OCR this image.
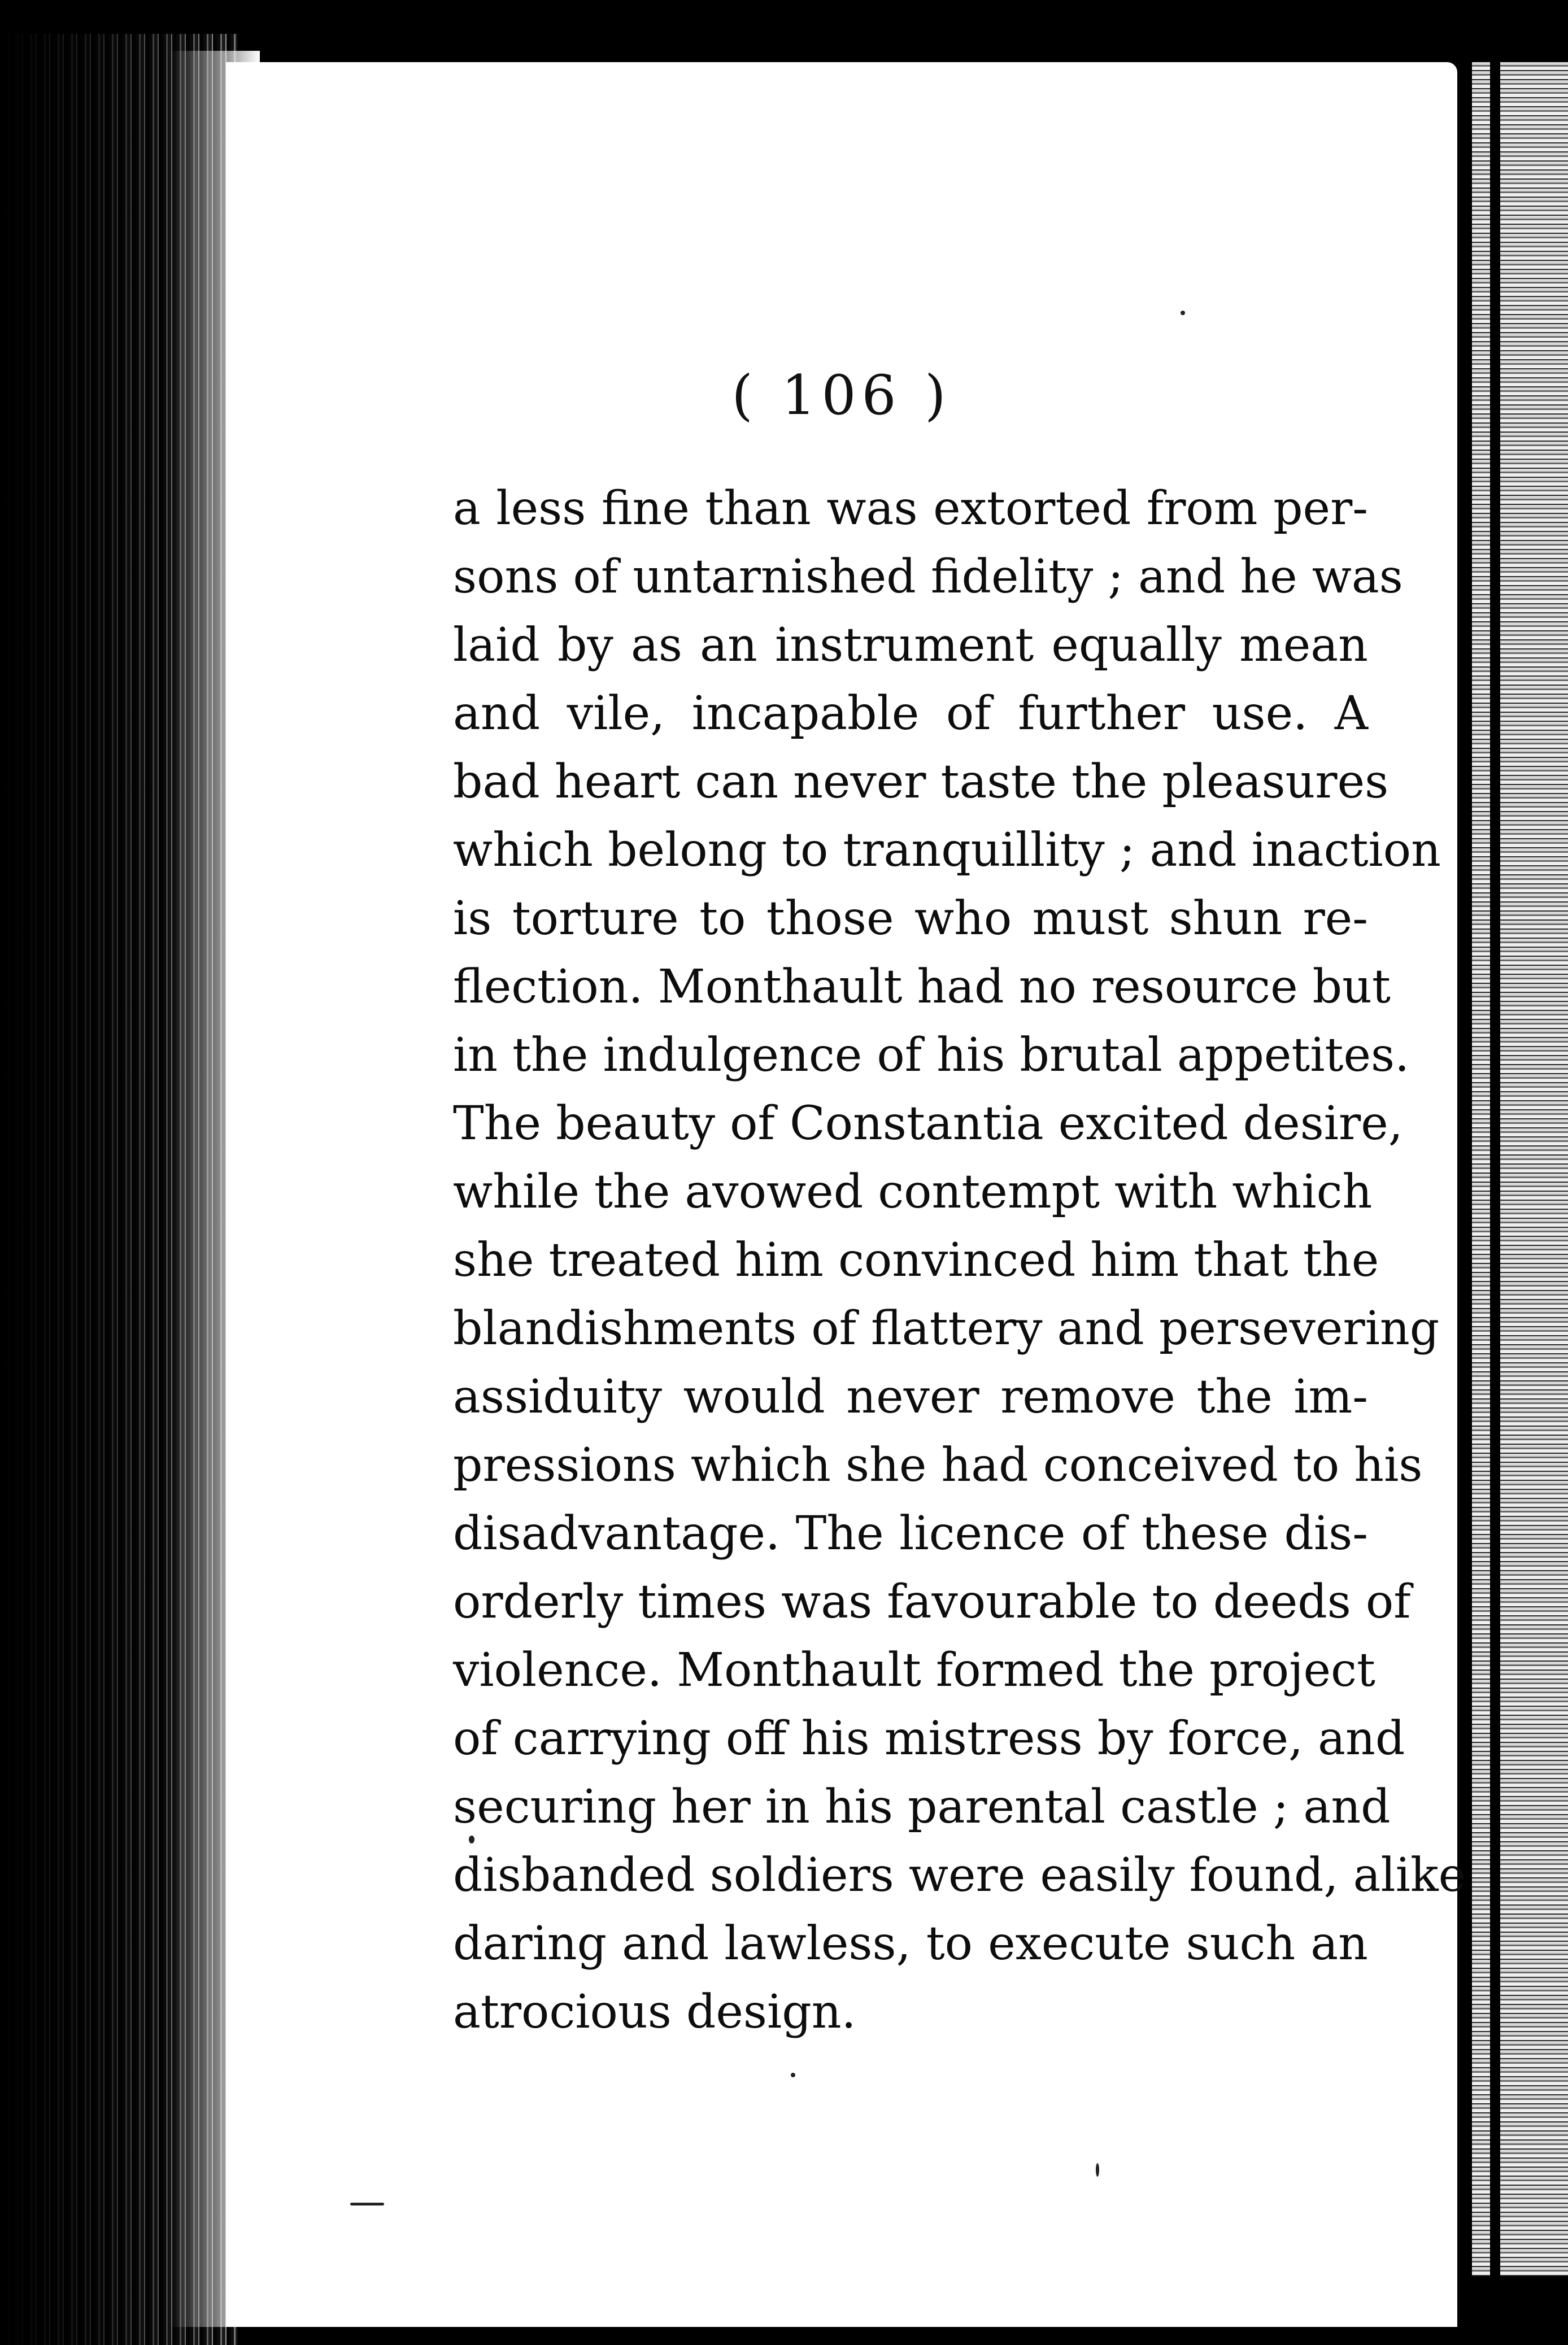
( 106 )
a less fine than was extorted from per-
sons of untarnished fidelity ; and he was
laid by as an instrument equally mean
and vile, incapable of further use. A
bad heart can never taste the pleasures
which belong to tranquillity ; and inaction
is torture to those who must shun re-
flection. Monthault had no resource but
in the indulgence of his brutal appetites.
The beauty of Constantia excited desire,
while the avowed contempt with which
she treated him convinced him that the
blandishments of flattery and persevering
assiduity would never remove the im-
pressions which she had conceived to his
disadvantage. The licence of these dis-
orderly times was favourable to deeds of
violence. Monthault formed the project
of carrying off his mistress by force, and
securing her in his parental castle ; and
disbanded soldiers were easily found, alike
daring and lawless, to execute such an
atrocious design.
